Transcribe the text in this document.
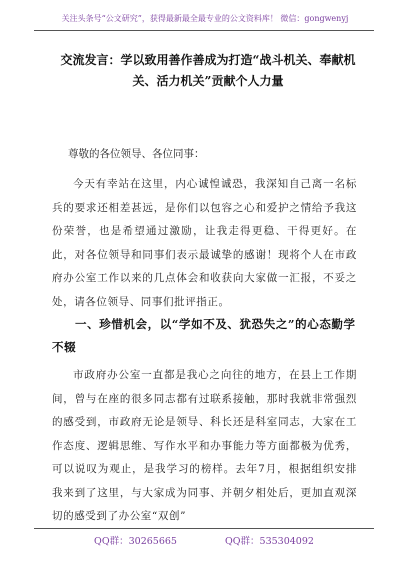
关注头条号“公文研究”，获得最新最全最专业的公文资料库！ 微信：gongwenyj
交流发言：学以致用善作善成为打造“战斗机关、奉献机关、活力机关”贡献个人力量
尊敬的各位领导、各位同事：
今天有幸站在这里，内心诚惶诚恐，我深知自己离一名标兵的要求还相差甚远，是你们以包容之心和爱护之情给予我这份荣誉，也是希望通过激励，让我走得更稳、干得更好。在此，对各位领导和同事们表示最诚挚的感谢！现将个人在市政府办公室工作以来的几点体会和收获向大家做一汇报，不妥之处，请各位领导、同事们批评指正。
一、珍惜机会，以“学如不及、犹恐失之”的心态勤学不辍
市政府办公室一直都是我心之向往的地方，在县上工作期间，曾与在座的很多同志都有过联系接触，那时我就非常强烈的感受到，市政府无论是领导、科长还是科室同志，大家在工作态度、逻辑思维、写作水平和办事能力等方面都极为优秀，可以说叹为观止，是我学习的榜样。去年7月，根据组织安排我来到了这里，与大家成为同事、并朝夕相处后，更加直观深切的感受到了办公室“双创”
QQ群：30265665	QQ群：535304092
